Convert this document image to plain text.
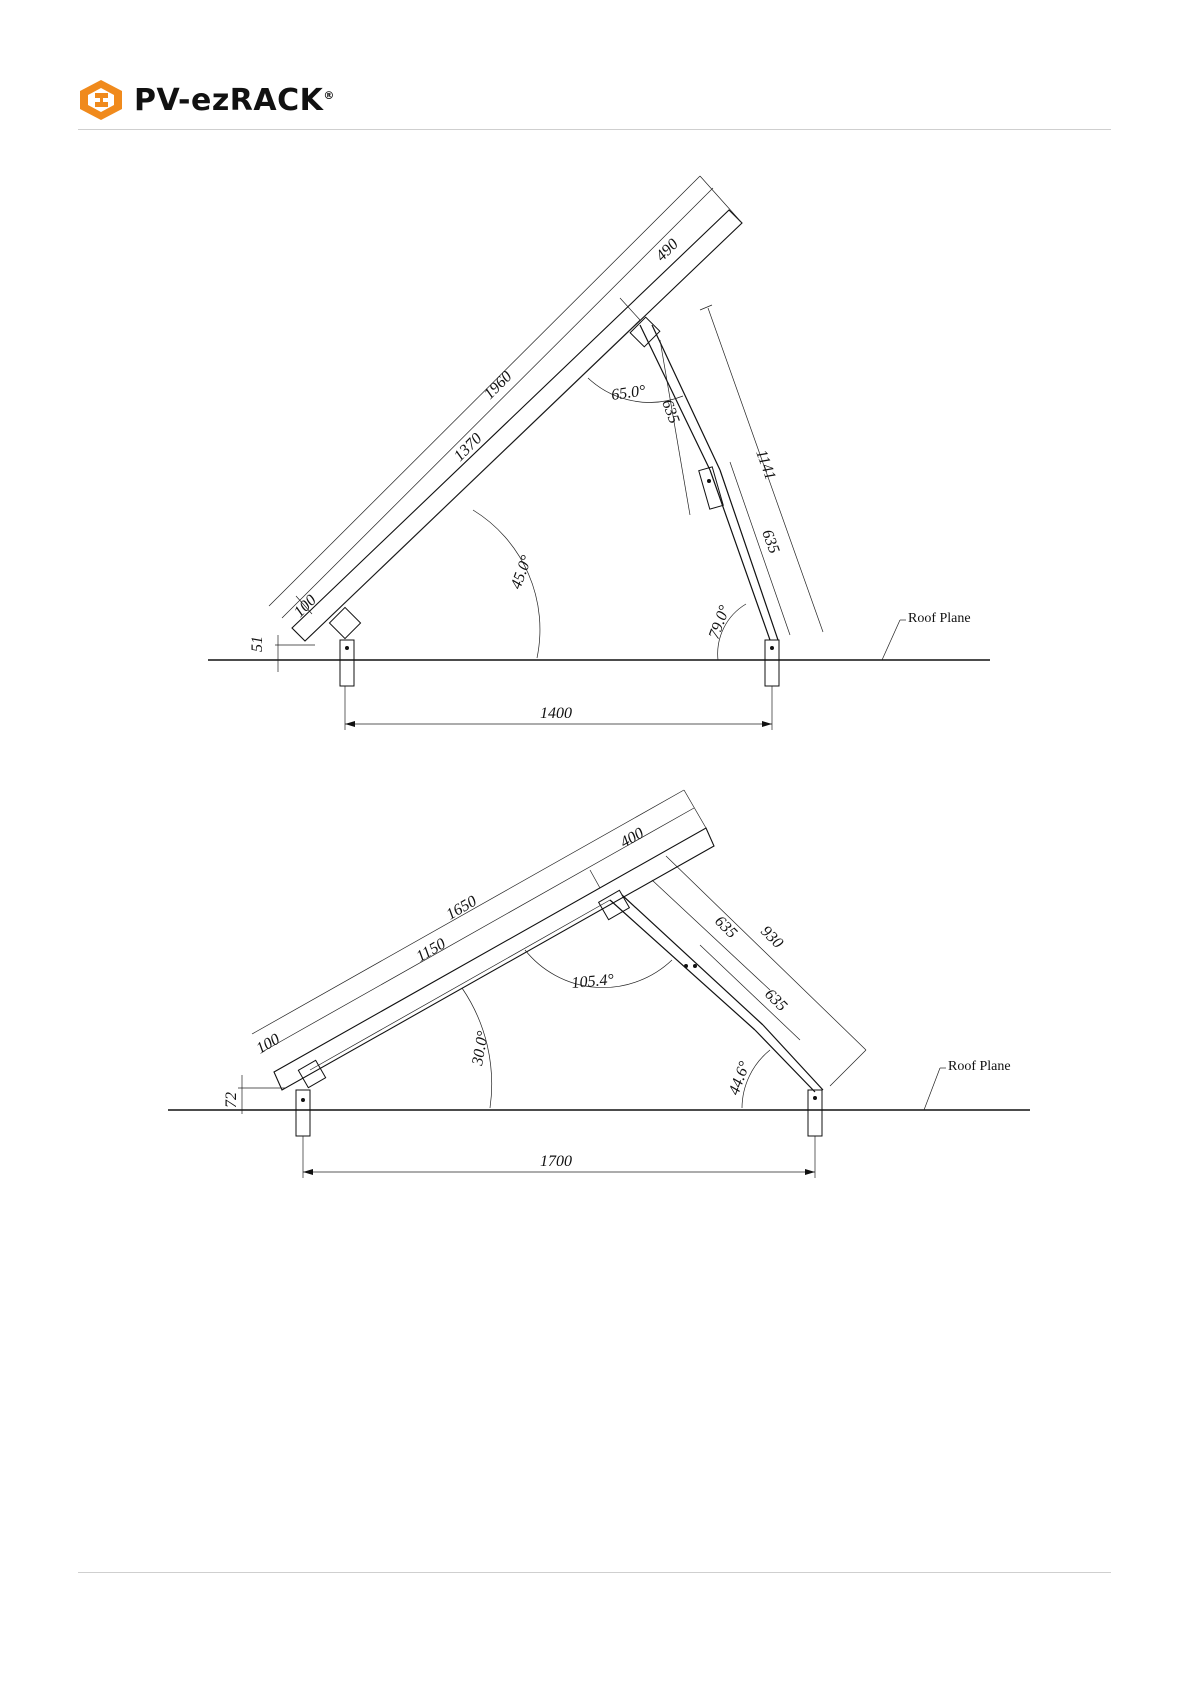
PV-ezRACK®
1960
490
1370
100
45.0°
65.0°
79.0°
1141
635
635
51
1400
Roof Plane
1650
400
1150
100	30.0°
105.4°
44.6°
930
635
635
72
1700
Roof Plane
